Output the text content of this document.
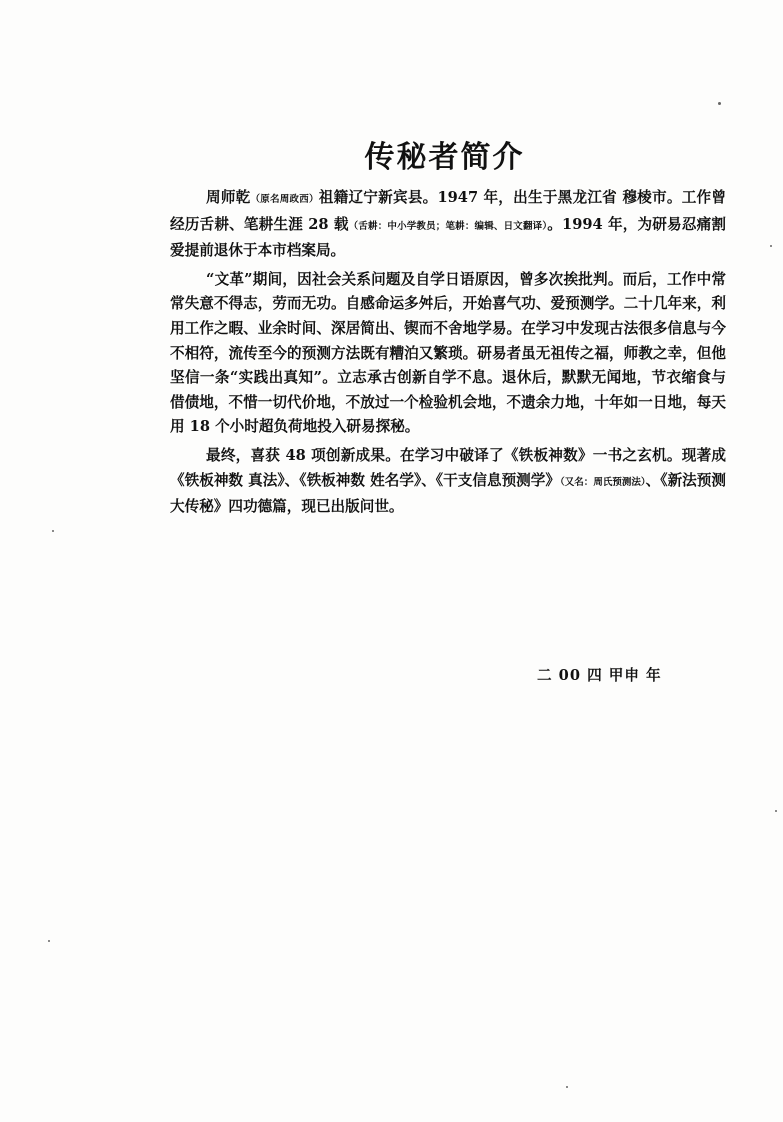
传秘者简介

周师乾（原名周政西）祖籍辽宁新宾县。1947 年，出生于黑龙江省 穆棱市。工作曾经历舌耕、笔耕生涯 28 载（舌耕：中小学教员；笔耕：编辑、日文翻译）。1994 年，为研易忍痛割爱提前退休于本市档案局。

“文革”期间，因社会关系问题及自学日语原因，曾多次挨批判。而后，工作中常常失意不得志，劳而无功。自感命运多舛后，开始喜气功、爱预测学。二十几年来，利用工作之暇、业余时间、深居简出、锲而不舍地学易。在学习中发现古法很多信息与今不相符，流传至今的预测方法既有糟泊又繁琐。研易者虽无祖传之福，师教之幸，但他坚信一条“实践出真知”。立志承古创新自学不息。退休后，默默无闻地，节衣缩食与借债地，不惜一切代价地，不放过一个检验机会地，不遗余力地，十年如一日地，每天用 18 个小时超负荷地投入研易探秘。

最终，喜获 48 项创新成果。在学习中破译了《铁板神数》一书之玄机。现著成《铁板神数 真法》、《铁板神数 姓名学》、《干支信息预测学》（又名：周氏预测法）、《新法预测大传秘》四功德篇，现已出版问世。

二 00 四 甲申 年
